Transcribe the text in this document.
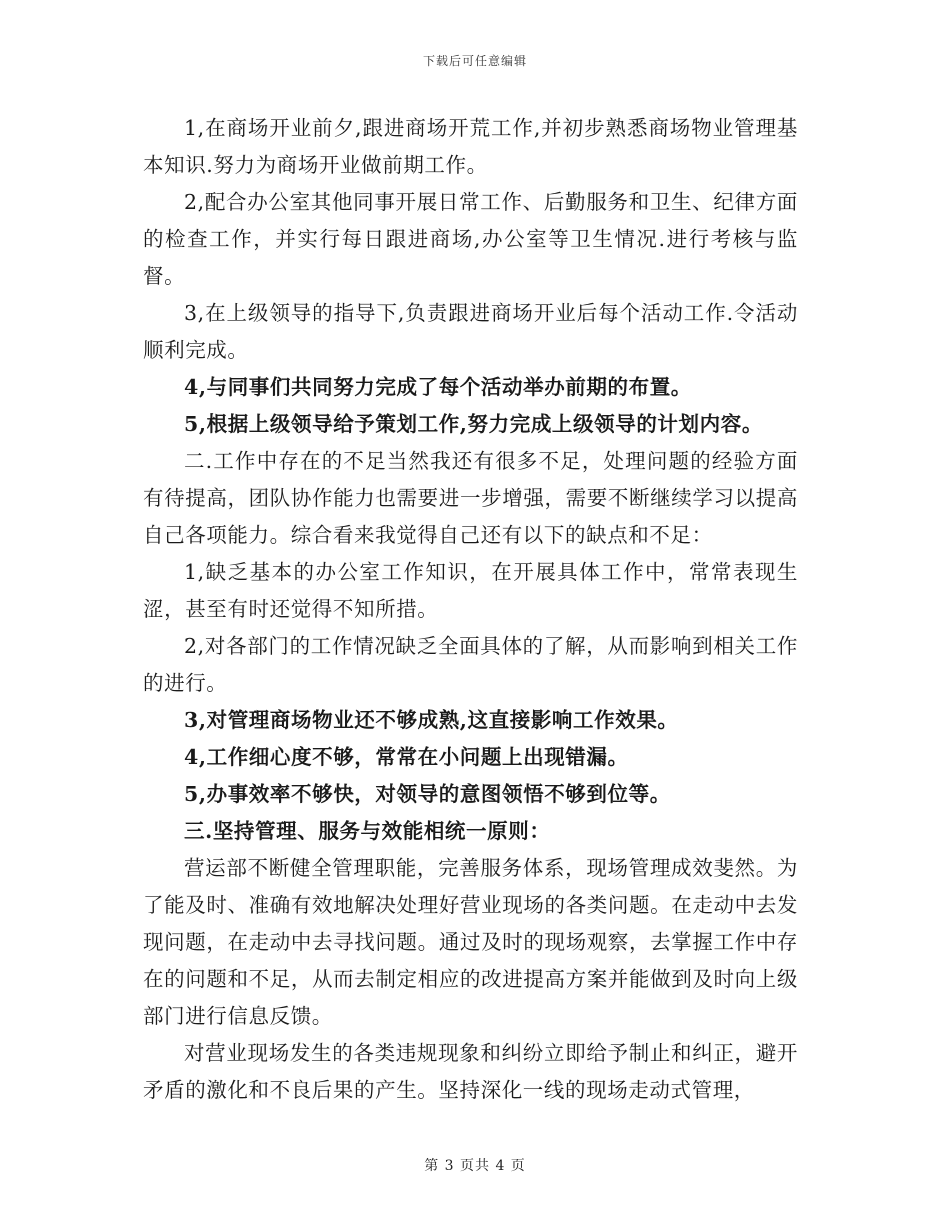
下载后可任意编辑

1,在商场开业前夕,跟进商场开荒工作,并初步熟悉商场物业管理基本知识.努力为商场开业做前期工作。

2,配合办公室其他同事开展日常工作、后勤服务和卫生、纪律方面的检查工作，并实行每日跟进商场,办公室等卫生情况.进行考核与监督。

3,在上级领导的指导下,负责跟进商场开业后每个活动工作.令活动顺利完成。

4,与同事们共同努力完成了每个活动举办前期的布置。

5,根据上级领导给予策划工作,努力完成上级领导的计划内容。

二.工作中存在的不足当然我还有很多不足，处理问题的经验方面有待提高，团队协作能力也需要进一步增强，需要不断继续学习以提高自己各项能力。综合看来我觉得自己还有以下的缺点和不足：

1,缺乏基本的办公室工作知识，在开展具体工作中，常常表现生涩，甚至有时还觉得不知所措。

2,对各部门的工作情况缺乏全面具体的了解，从而影响到相关工作的进行。

3,对管理商场物业还不够成熟,这直接影响工作效果。

4,工作细心度不够，常常在小问题上出现错漏。

5,办事效率不够快，对领导的意图领悟不够到位等。

三.坚持管理、服务与效能相统一原则：

营运部不断健全管理职能，完善服务体系，现场管理成效斐然。为了能及时、准确有效地解决处理好营业现场的各类问题。在走动中去发现问题，在走动中去寻找问题。通过及时的现场观察，去掌握工作中存在的问题和不足，从而去制定相应的改进提高方案并能做到及时向上级部门进行信息反馈。

对营业现场发生的各类违规现象和纠纷立即给予制止和纠正，避开矛盾的激化和不良后果的产生。坚持深化一线的现场走动式管理，

第 3 页共 4 页
